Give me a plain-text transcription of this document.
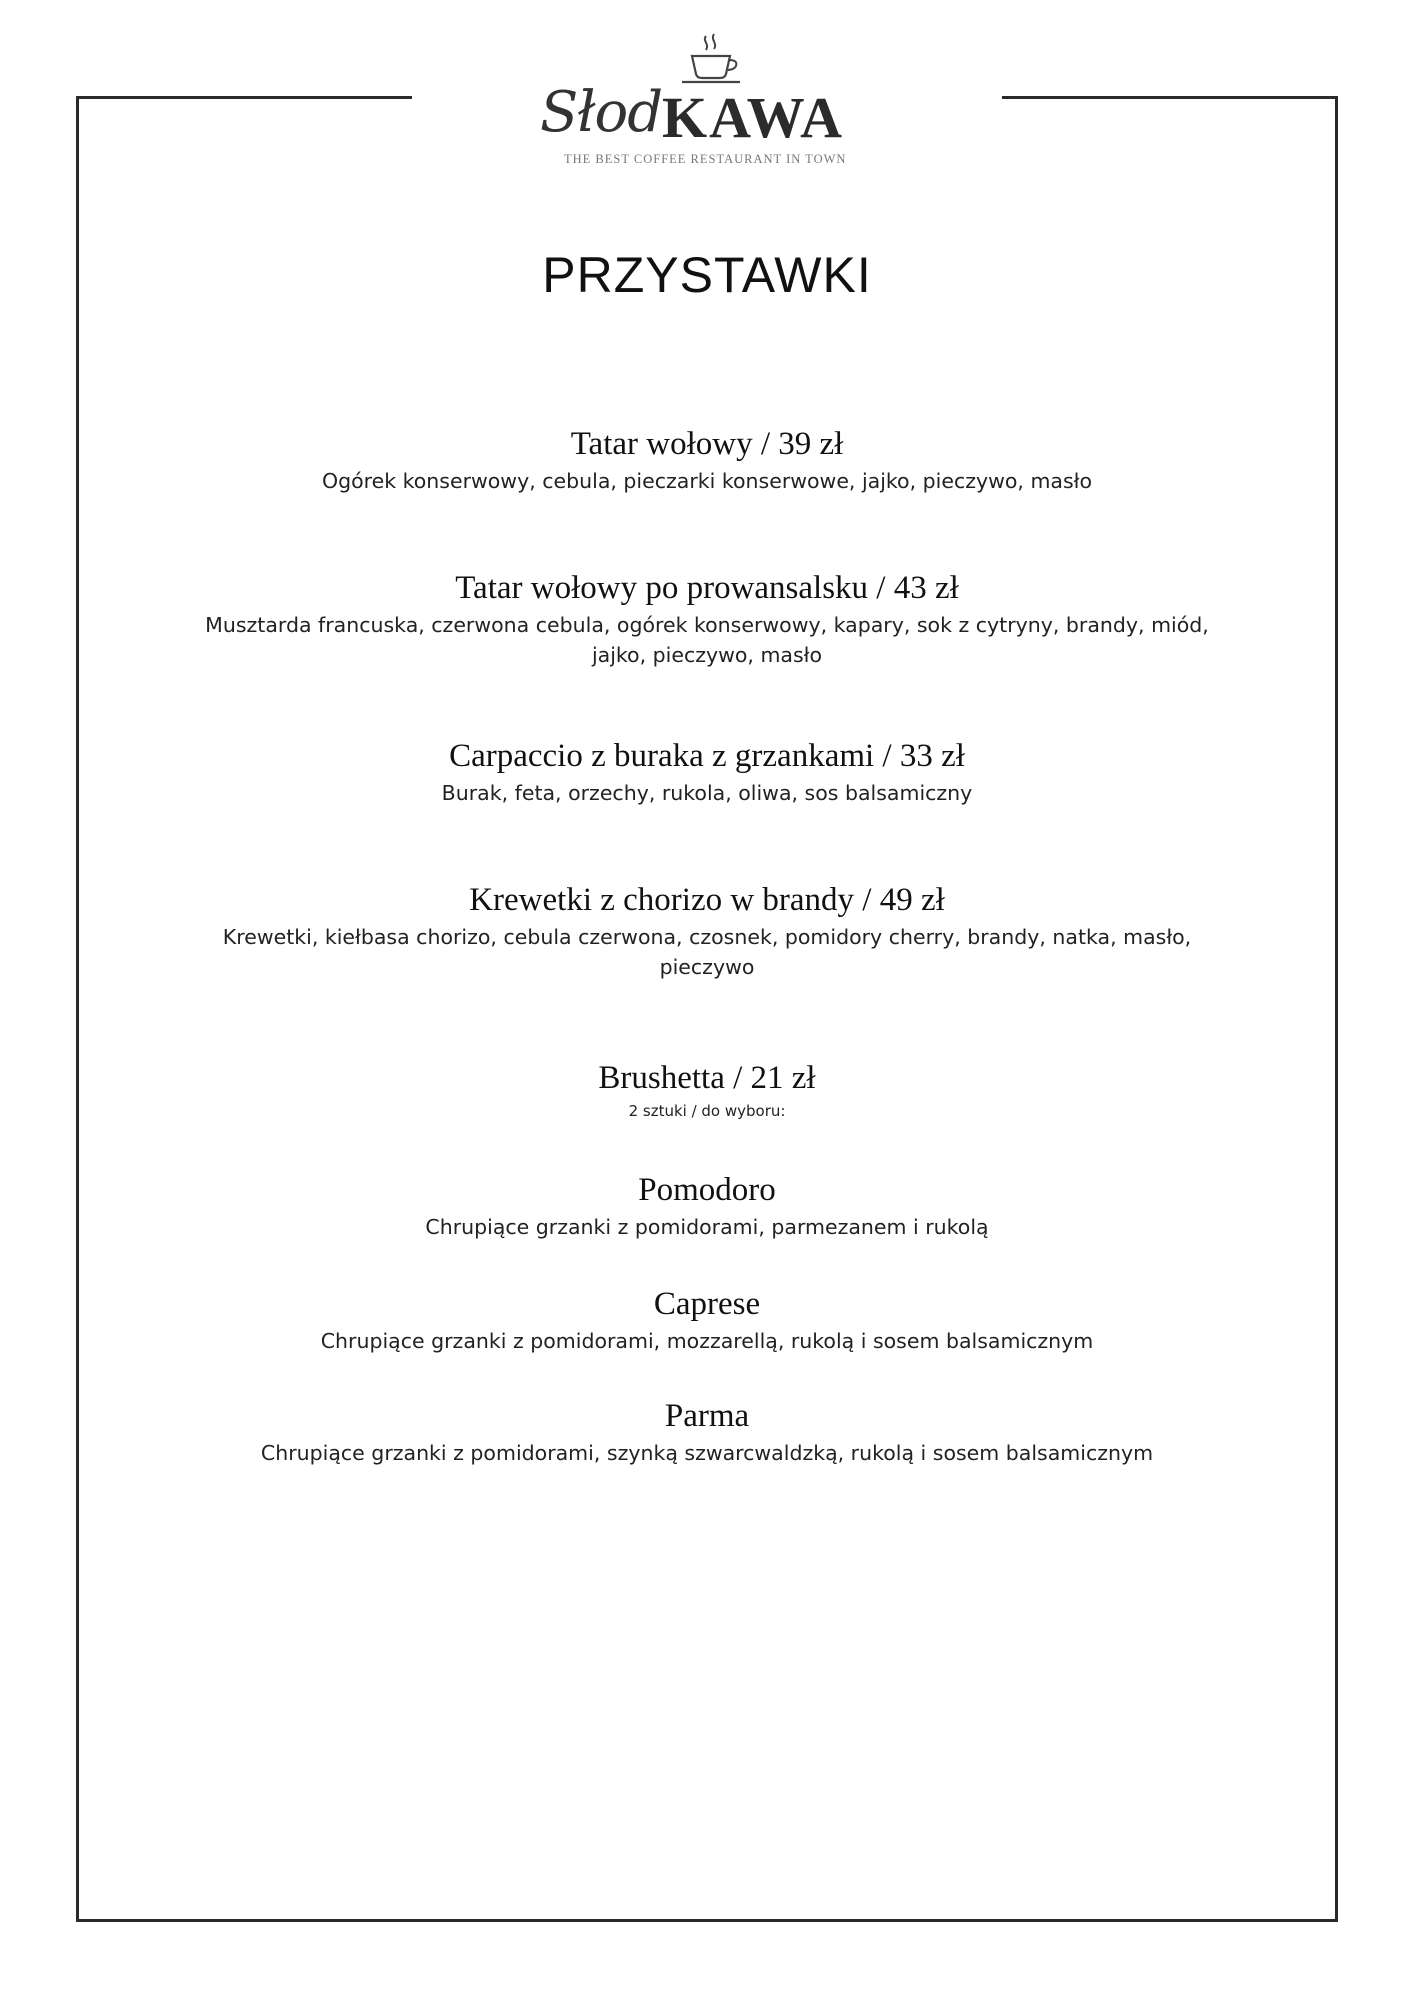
Słod KAWA
THE BEST COFFEE RESTAURANT IN TOWN
PRZYSTAWKI
Tatar wołowy / 39 zł
Ogórek konserwowy, cebula, pieczarki konserwowe, jajko, pieczywo, masło
Tatar wołowy po prowansalsku / 43 zł
Musztarda francuska, czerwona cebula, ogórek konserwowy, kapary, sok z cytryny, brandy, miód,
jajko, pieczywo, masło
Carpaccio z buraka z grzankami / 33 zł
Burak, feta, orzechy, rukola, oliwa, sos balsamiczny
Krewetki z chorizo w brandy / 49 zł
Krewetki, kiełbasa chorizo, cebula czerwona, czosnek, pomidory cherry, brandy, natka, masło,
pieczywo
Brushetta / 21 zł
2 sztuki / do wyboru:
Pomodoro
Chrupiące grzanki z pomidorami, parmezanem i rukolą
Caprese
Chrupiące grzanki z pomidorami, mozzarellą, rukolą i sosem balsamicznym
Parma
Chrupiące grzanki z pomidorami, szynką szwarcwaldzką, rukolą i sosem balsamicznym
